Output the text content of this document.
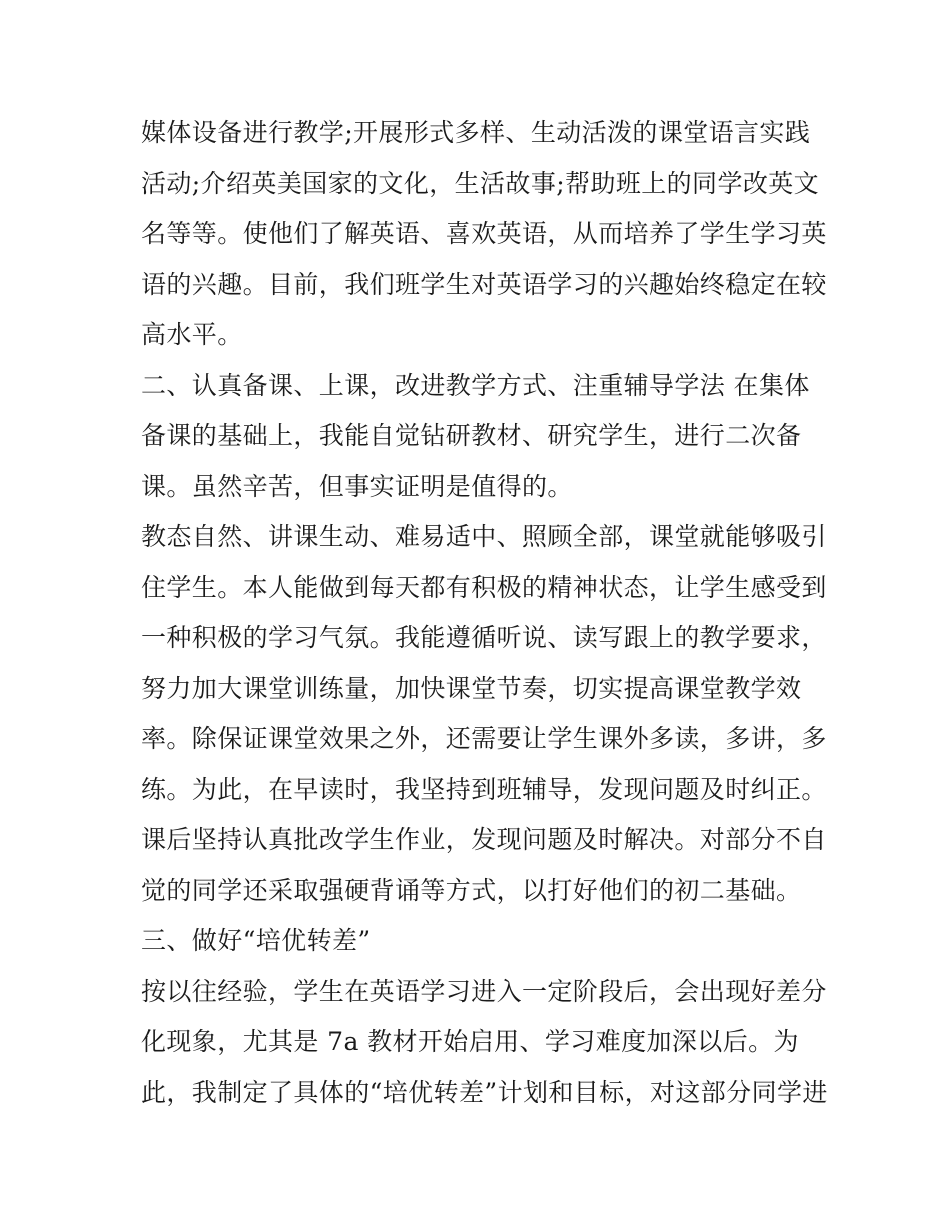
媒体设备进行教学;开展形式多样、生动活泼的课堂语言实践
活动;介绍英美国家的文化，生活故事;帮助班上的同学改英文
名等等。使他们了解英语、喜欢英语，从而培养了学生学习英
语的兴趣。目前，我们班学生对英语学习的兴趣始终稳定在较
高水平。
二、认真备课、上课，改进教学方式、注重辅导学法 在集体
备课的基础上，我能自觉钻研教材、研究学生，进行二次备
课。虽然辛苦，但事实证明是值得的。
教态自然、讲课生动、难易适中、照顾全部，课堂就能够吸引
住学生。本人能做到每天都有积极的精神状态，让学生感受到
一种积极的学习气氛。我能遵循听说、读写跟上的教学要求，
努力加大课堂训练量，加快课堂节奏，切实提高课堂教学效
率。除保证课堂效果之外，还需要让学生课外多读，多讲，多
练。为此，在早读时，我坚持到班辅导，发现问题及时纠正。
课后坚持认真批改学生作业，发现问题及时解决。对部分不自
觉的同学还采取强硬背诵等方式，以打好他们的初二基础。
三、做好“培优转差”
按以往经验，学生在英语学习进入一定阶段后，会出现好差分
化现象，尤其是 7a 教材开始启用、学习难度加深以后。为
此，我制定了具体的“培优转差”计划和目标，对这部分同学进
